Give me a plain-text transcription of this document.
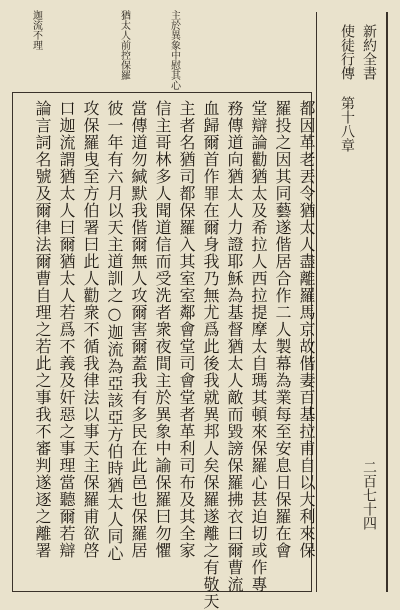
新約全書
使徒行傳 第十八章
二百七十四
主於異象中慰其心
猶太人前控保羅
迦流不理
都因革老丟令猶太人盡離羅馬京故偕妻百基拉甫自以大利來保
羅投之因其同藝遂偕居合作二人製幕為業每至安息日保羅在會
堂辯論勸猶太及希拉人西拉提摩太自瑪其頓來保羅心甚迫切或作專
務傳道向猶太人力證耶穌為基督猶太人敵而毀謗保羅拂衣曰爾曹流
血歸爾首作罪在爾身我乃無尤爲此後我就異邦人矣保羅遂離之有敬天
主者名猶司都保羅入其室室鄰會堂司會堂者革利司布及其全家
信主哥林多人聞道信而受洗者衆夜間主於異象中諭保羅曰勿懼
當傳道勿緘默我偕爾無人攻爾害爾蓋我有多民在此邑也保羅居
彼一年有六月以天主道訓之○迦流為亞該亞方伯時猶太人同心
攻保羅曳至方伯署曰此人勸衆不循我律法以事天主保羅甫欲啓
口迦流謂猶太人曰爾猶太人若爲不義及奸惡之事理當聽爾若辯
論言詞名號及爾律法爾曹自理之若此之事我不審判遂逐之離署
